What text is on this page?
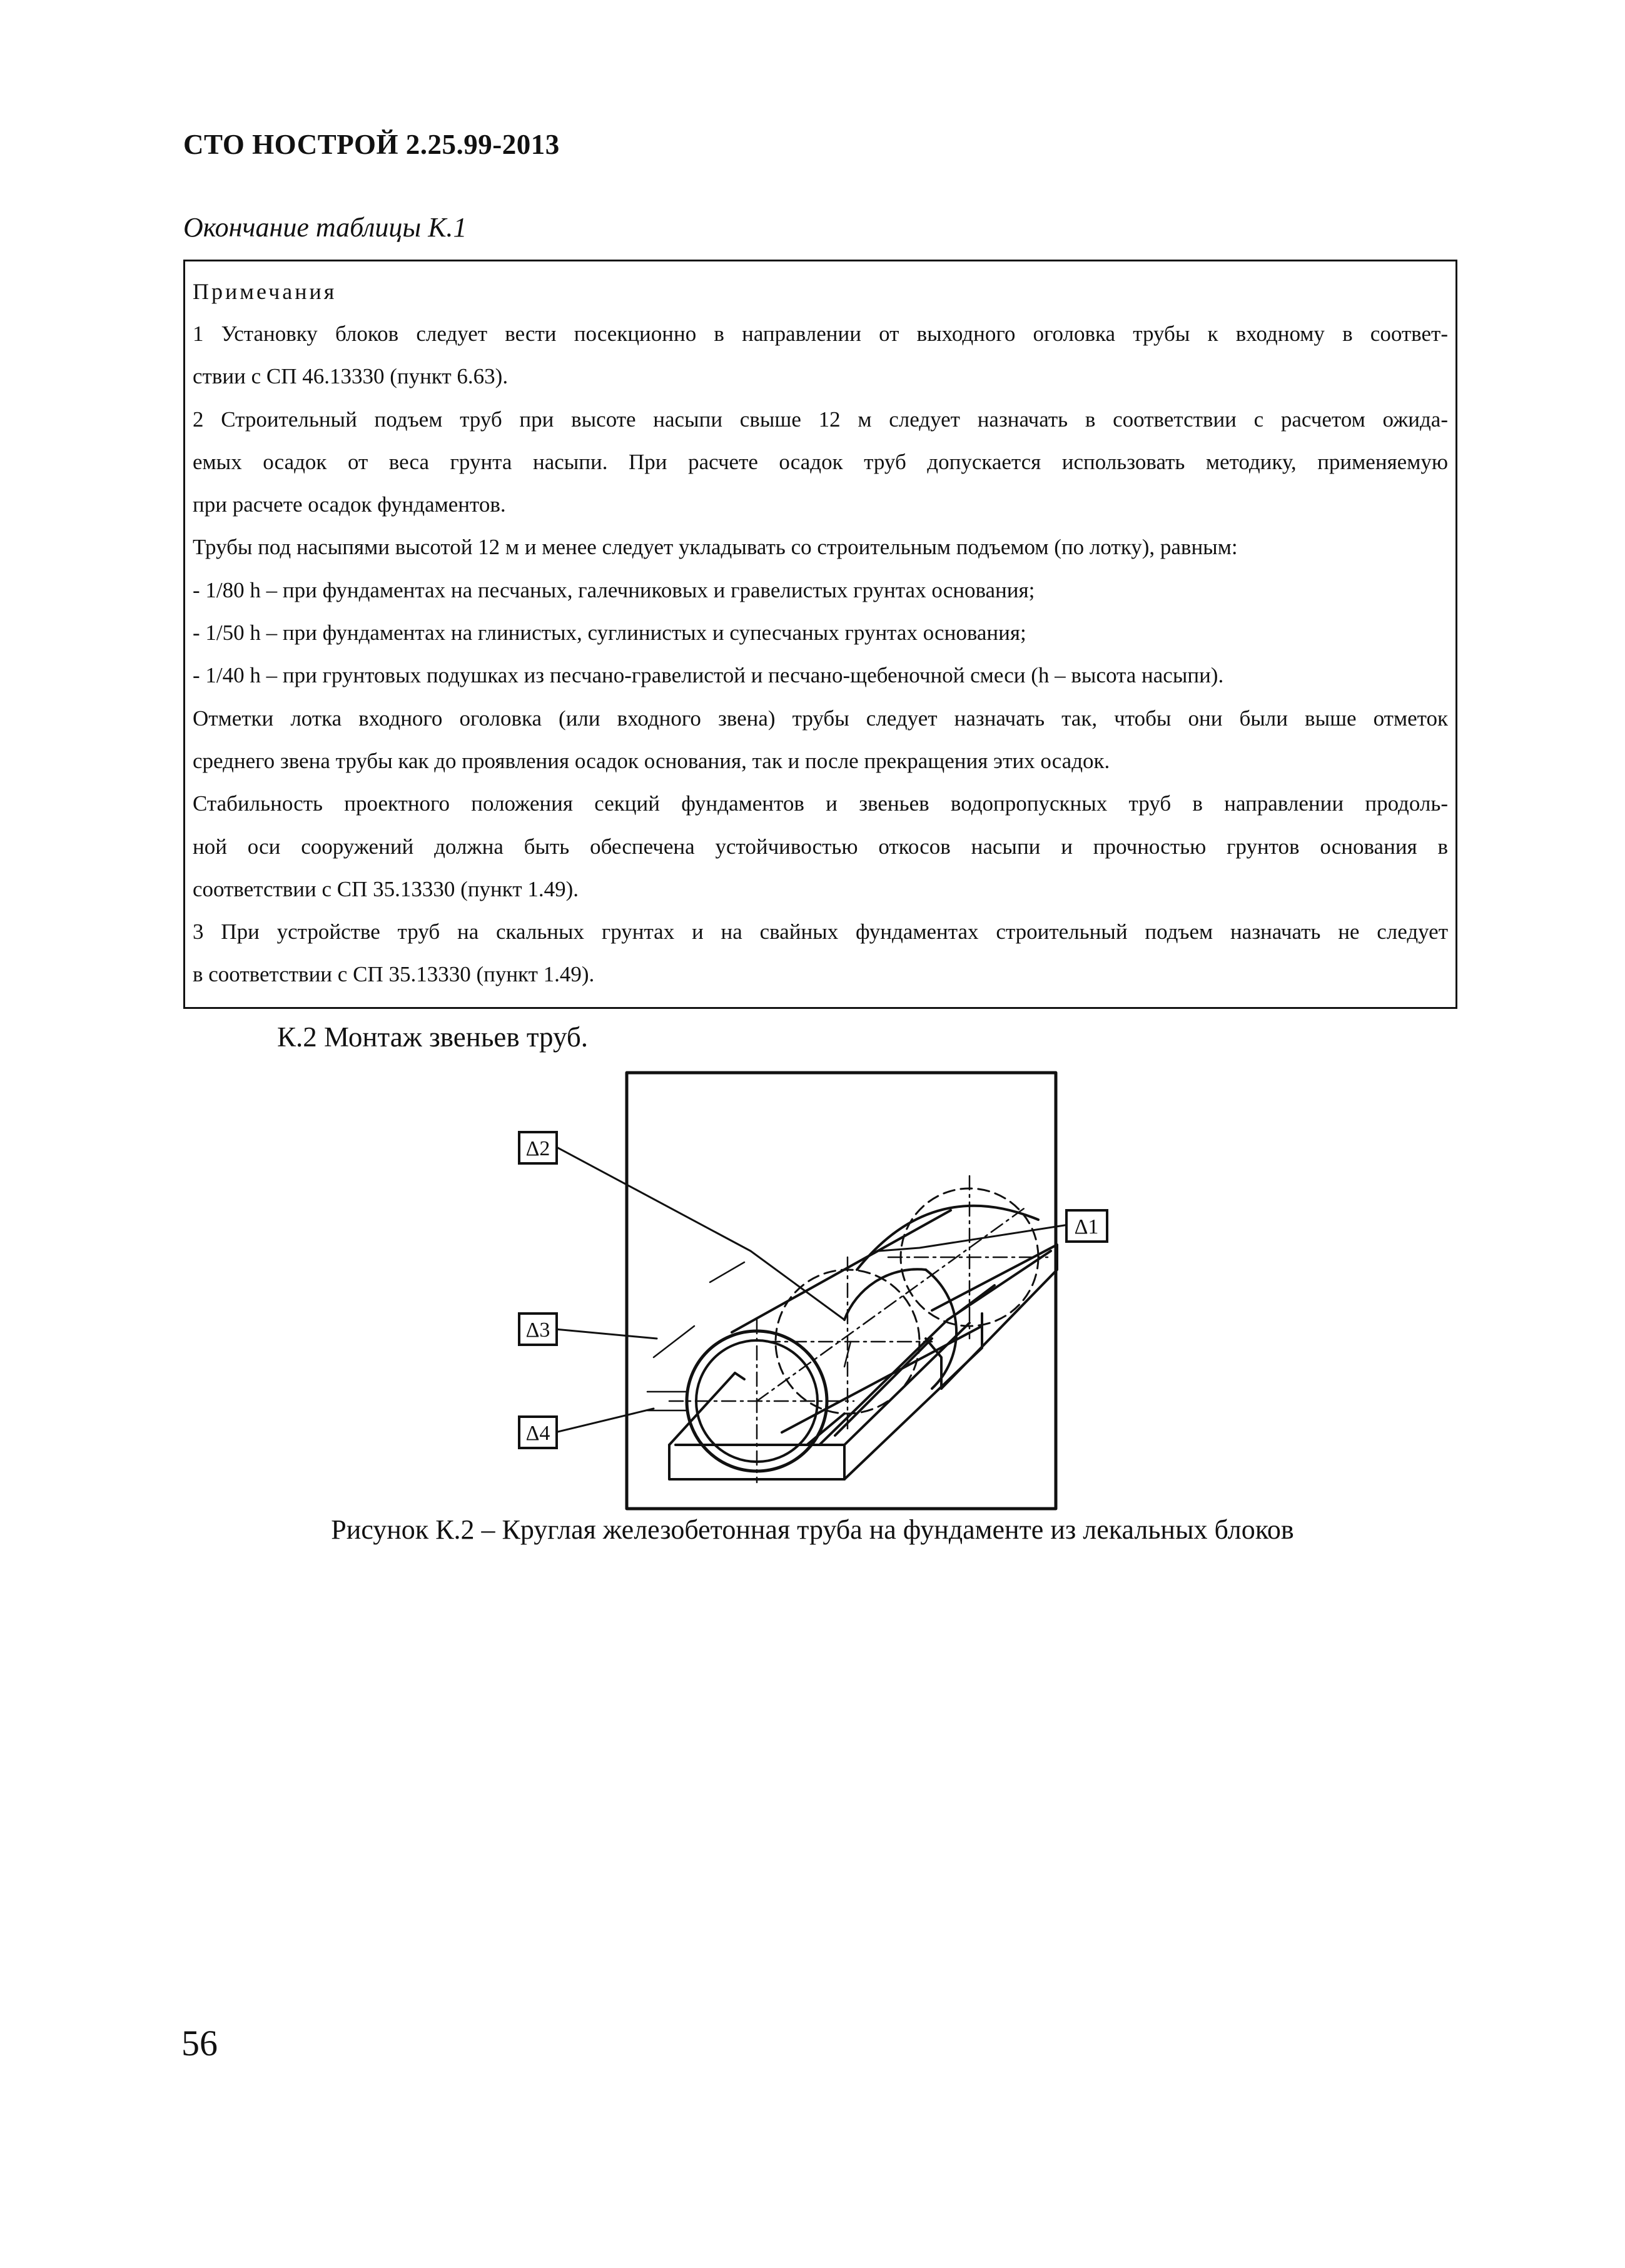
СТО НОСТРОЙ 2.25.99-2013
Окончание таблицы К.1
Примечания
1 Установку блоков следует вести посекционно в направлении от выходного оголовка трубы к входному в соответ-
ствии с СП 46.13330 (пункт 6.63).
2 Строительный подъем труб при высоте насыпи свыше 12 м следует назначать в соответствии с расчетом ожида-
емых осадок от веса грунта насыпи. При расчете осадок труб допускается использовать методику, применяемую
при расчете осадок фундаментов.
Трубы под насыпями высотой 12 м и менее следует укладывать со строительным подъемом (по лотку), равным:
- 1/80 h – при фундаментах на песчаных, галечниковых и гравелистых грунтах основания;
- 1/50 h – при фундаментах на глинистых, суглинистых и супесчаных грунтах основания;
- 1/40 h – при грунтовых подушках из песчано-гравелистой и песчано-щебеночной смеси (h – высота насыпи).
Отметки лотка входного оголовка (или входного звена) трубы следует назначать так, чтобы они были выше отметок
среднего звена трубы как до проявления осадок основания, так и после прекращения этих осадок.
Стабильность проектного положения секций фундаментов и звеньев водопропускных труб в направлении продоль-
ной оси сооружений должна быть обеспечена устойчивостью откосов насыпи и прочностью грунтов основания в
соответствии с СП 35.13330 (пункт 1.49).
3 При устройстве труб на скальных грунтах и на свайных фундаментах строительный подъем назначать не следует
в соответствии с СП 35.13330 (пункт 1.49).
К.2 Монтаж звеньев труб.
Δ2
Δ1
Δ3
Δ4
Рисунок К.2 – Круглая железобетонная труба на фундаменте из лекальных блоков
56
